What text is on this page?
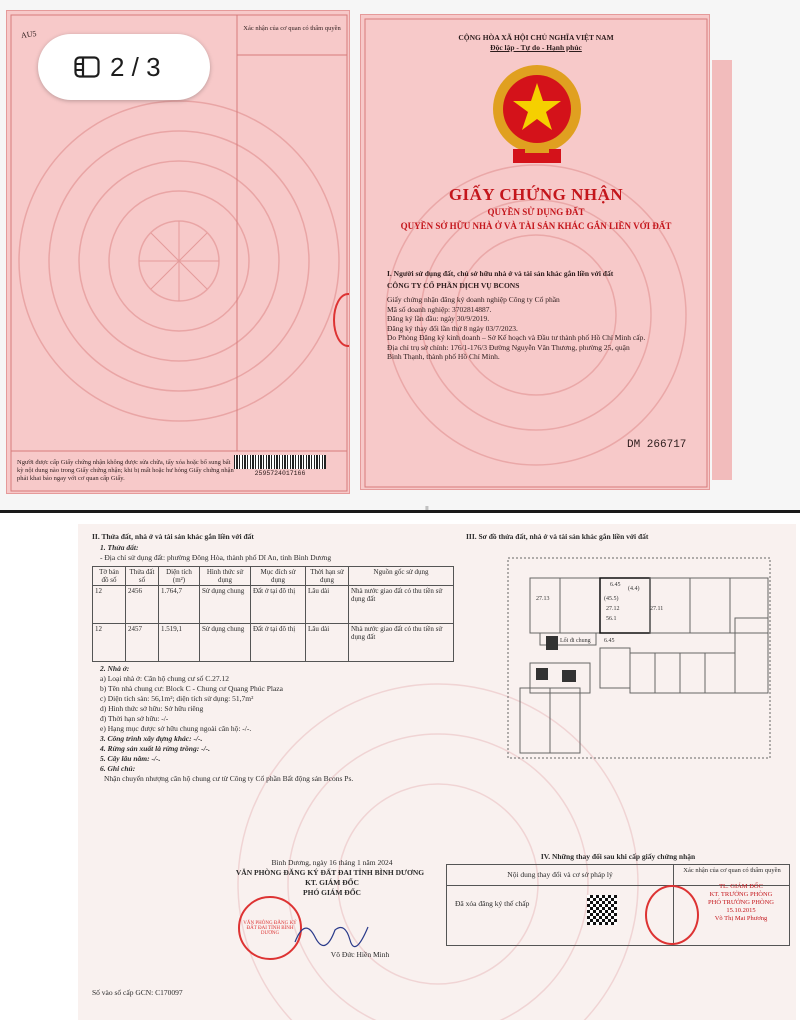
Xác nhận của cơ quan có thẩm quyền
Người được cấp Giấy chứng nhận không được sửa chữa, tẩy xóa hoặc bổ sung bất kỳ nội dung nào trong Giấy chứng nhận; khi bị mất hoặc hư hỏng Giấy chứng nhận phải khai báo ngay với cơ quan cấp Giấy.
AU5
2595724017166
2 / 3
CỘNG HÒA XÃ HỘI CHỦ NGHĨA VIỆT NAM
Độc lập - Tự do - Hạnh phúc
GIẤY CHỨNG NHẬN
QUYỀN SỬ DỤNG ĐẤT
QUYỀN SỞ HỮU NHÀ Ở VÀ TÀI SẢN KHÁC GẮN LIỀN VỚI ĐẤT
I. Người sử dụng đất, chủ sở hữu nhà ở và tài sản khác gắn liền với đất
CÔNG TY CỔ PHẦN DỊCH VỤ BCONS
Giấy chứng nhận đăng ký doanh nghiệp Công ty Cổ phần
Mã số doanh nghiệp: 3702814887.
Đăng ký lần đầu: ngày 30/9/2019.
Đăng ký thay đổi lần thứ 8 ngày 03/7/2023.
Do Phòng Đăng ký kinh doanh – Sở Kế hoạch và Đầu tư thành phố Hồ Chí Minh cấp.
Địa chỉ trụ sở chính: 176/1-176/3 Đường Nguyễn Văn Thương, phường 25, quận
Bình Thạnh, thành phố Hồ Chí Minh.
DM 266717
II. Thửa đất, nhà ở và tài sản khác gắn liền với đất
1. Thửa đất:
- Địa chỉ sử dụng đất: phường Đông Hòa, thành phố Dĩ An, tỉnh Bình Dương
Tờ bản đồ số	Thửa đất số	Diện tích (m²)	Hình thức sử dụng	Mục đích sử dụng	Thời hạn sử dụng	Nguồn gốc sử dụng
12	2456	1.764,7	Sử dụng chung	Đất ở tại đô thị	Lâu dài	Nhà nước giao đất có thu tiền sử dụng đất
12	2457	1.519,1	Sử dụng chung	Đất ở tại đô thị	Lâu dài	Nhà nước giao đất có thu tiền sử dụng đất
2. Nhà ở:
a) Loại nhà ở: Căn hộ chung cư số C.27.12
b) Tên nhà chung cư: Block C - Chung cư Quang Phúc Plaza
c) Diện tích sàn: 56,1m²; diện tích sử dụng: 51,7m²
d) Hình thức sở hữu: Sở hữu riêng
đ) Thời hạn sở hữu: -/-
e) Hạng mục được sở hữu chung ngoài căn hộ: -/-.
3. Công trình xây dựng khác: -/-.
4. Rừng sản xuất là rừng trồng: -/-.
5. Cây lâu năm: -/-.
6. Ghi chú:
Nhận chuyển nhượng căn hộ chung cư từ Công ty Cổ phần Bất động sản Bcons Ps.
III. Sơ đồ thửa đất, nhà ở và tài sản khác gắn liền với đất
27.13
27.12	27.11
6.45
(4.4)
(45.5)
56.1
Lối đi chung 6.45
Bình Dương, ngày 16 tháng 1 năm 2024
VĂN PHÒNG ĐĂNG KÝ ĐẤT ĐAI TỈNH BÌNH DƯƠNG
KT. GIÁM ĐỐC
PHÓ GIÁM ĐỐC
VĂN PHÒNG ĐĂNG KÝ ĐẤT ĐAI TỈNH BÌNH DƯƠNG
Võ Đức Hiền Minh
Số vào sổ cấp GCN: C170097
IV. Những thay đổi sau khi cấp giấy chứng nhận
Nội dung thay đổi và cơ sở pháp lý	Xác nhận của cơ quan có thẩm quyền
Đã xóa đăng ký thế chấp
TL. GIÁM ĐỐC
KT. TRƯỞNG PHÒNG
PHÓ TRƯỞNG PHÒNG
15.10.2015
Võ Thị Mai Phương
